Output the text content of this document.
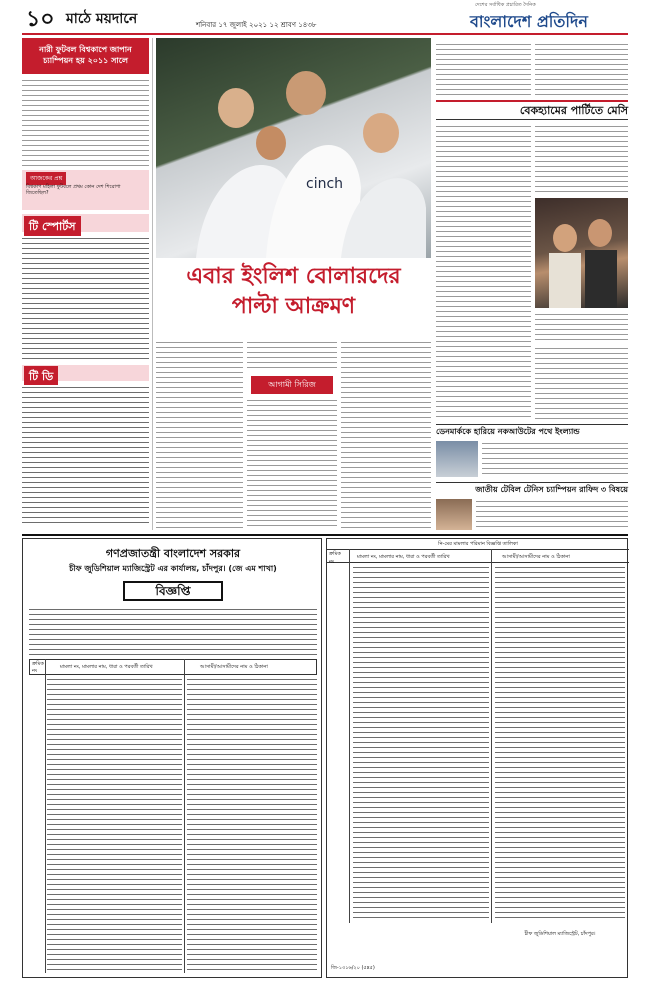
১০ মাঠে ময়দানে	শনিবার ১৭ জুলাই ২০২১ ১২ শ্রাবণ ১৪৩৮
দেশের সর্বাধিক প্রচারিত দৈনিক
বাংলাদেশ প্রতিদিন
নারী ফুটবল বিশ্বকাপে জাপান চ্যাম্পিয়ন হয় ২০১১ সালে
আজকের প্রশ্ন
বিশ্বকাপ মহিলা ফুটবলে প্রথম কোন দেশ শিরোপা জিতেছিল?
টি স্পোর্টস
টি ডি
cinch
এবার ইংলিশ বোলারদের
পাল্টা আক্রমণ
আগামী সিরিজ
বেকহ্যামের পার্টিতে মেসি
ডেনমার্ককে হারিয়ে নকআউটের পথে ইংল্যান্ড
জাতীয় টেবিল টেনিস চ্যাম্পিয়ন রাফিদ ৩ বিষয়ে
গণপ্রজাতন্ত্রী বাংলাদেশ সরকার
চীফ জুডিশিয়াল ম্যাজিস্ট্রেট এর কার্যালয়, চাঁদপুর। (জে এম শাখা)
বিজ্ঞপ্তি
ক্রমিক নং
মামলা নং, মামলার নাম, ধারা ও পরবর্তী তারিখ	আসামী/আসামীদের নাম ও ঠিকানা
নি-মের মামলার পরিমান বিজ্ঞপ্তি তালিকা
ক্রমিক নং
মামলা নং, মামলার নাম, ধারা ও পরবর্তী তারিখ	আসামী/আসামীদের নাম ও ঠিকানা
চীফ জুডিশিয়াল ম্যাজিস্ট্রেট, চাঁদপুর।
জি-১৩১৬/২০ (৫x৫)
